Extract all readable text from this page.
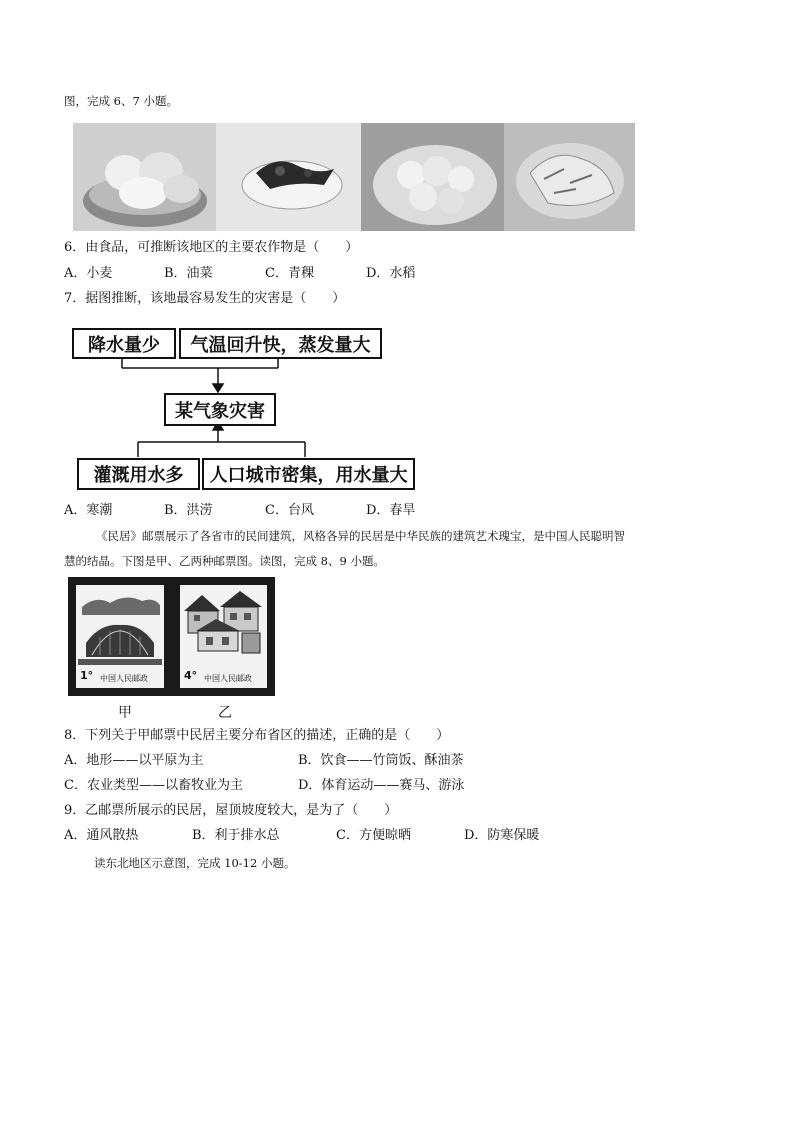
图，完成 6、7 小题。
6．由食品，可推断该地区的主要农作物是（　　）
A．小麦	B．油菜	C．青稞	D．水稻
7．据图推断，该地最容易发生的灾害是（　　）
降水量少	气温回升快，蒸发量大
某气象灾害
灌溉用水多	人口城市密集，用水量大
A．寒潮	B．洪涝	C．台风	D．春旱
《民居》邮票展示了各省市的民间建筑，风格各异的民居是中华民族的建筑艺术瑰宝，是中国人民聪明智
慧的结晶。下图是甲、乙两种邮票图。读图，完成 8、9 小题。
1° 中国人民邮政
甲
4° 中国人民邮政
乙
8．下列关于甲邮票中民居主要分布省区的描述，正确的是（　　）
A．地形——以平原为主	B．饮食——竹筒饭、酥油茶
C．农业类型——以畜牧业为主	D．体育运动——赛马、游泳
9．乙邮票所展示的民居，屋顶坡度较大，是为了（　　）
A．通风散热	B．利于排水总	C．方便晾晒	D．防寒保暖
读东北地区示意图，完成 10-12 小题。
